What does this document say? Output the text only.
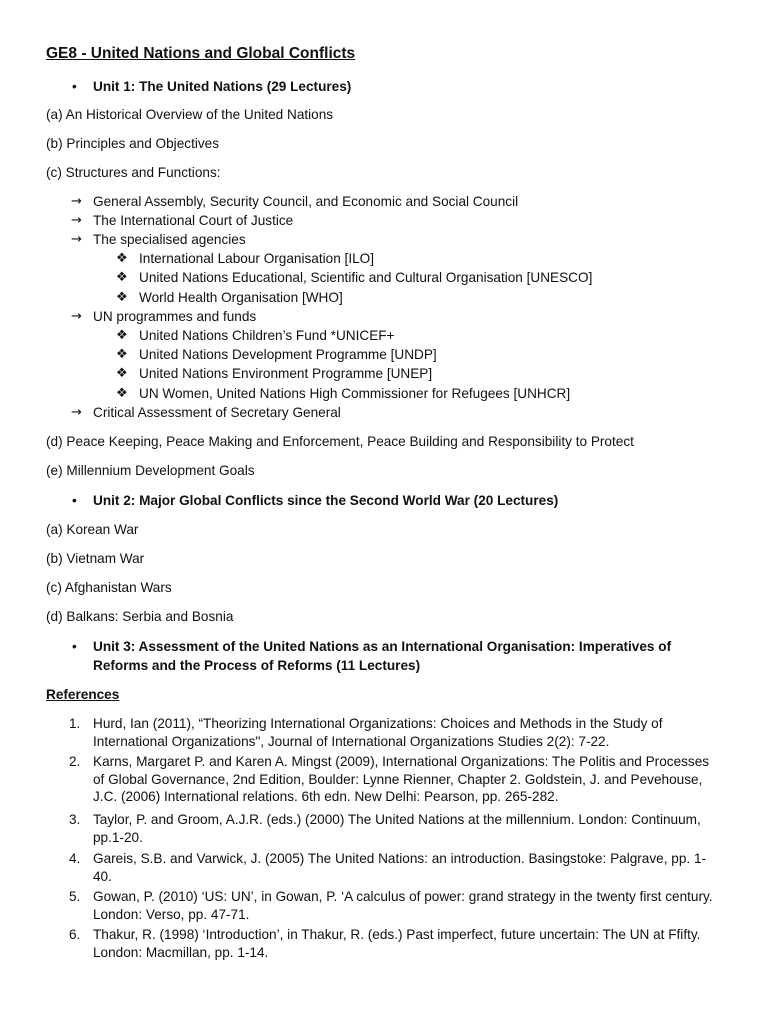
GE8 - United Nations and Global Conflicts
•	Unit 1: The United Nations (29 Lectures)
(a) An Historical Overview of the United Nations
(b) Principles and Objectives
(c) Structures and Functions:
→ General Assembly, Security Council, and Economic and Social Council
→ The International Court of Justice
→ The specialised agencies
❖ International Labour Organisation [ILO]
❖ United Nations Educational, Scientific and Cultural Organisation [UNESCO]
❖ World Health Organisation [WHO]
→ UN programmes and funds
❖ United Nations Children’s Fund *UNICEF+
❖ United Nations Development Programme [UNDP]
❖ United Nations Environment Programme [UNEP]
❖ UN Women, United Nations High Commissioner for Refugees [UNHCR]
→ Critical Assessment of Secretary General
(d) Peace Keeping, Peace Making and Enforcement, Peace Building and Responsibility to Protect
(e) Millennium Development Goals
•	Unit 2: Major Global Conflicts since the Second World War (20 Lectures)
(a) Korean War
(b) Vietnam War
(c) Afghanistan Wars
(d) Balkans: Serbia and Bosnia
•	Unit 3: Assessment of the United Nations as an International Organisation: Imperatives of
Reforms and the Process of Reforms (11 Lectures)
References
1. Hurd, Ian (2011), “Theorizing International Organizations: Choices and Methods in the Study of International Organizations", Journal of International Organizations Studies 2(2): 7-22.
2. Karns, Margaret P. and Karen A. Mingst (2009), International Organizations: The Politis and Processes of Global Governance, 2nd Edition, Boulder: Lynne Rienner, Chapter 2. Goldstein, J. and Pevehouse, J.C. (2006) International relations. 6th edn. New Delhi: Pearson, pp. 265-282.
3. Taylor, P. and Groom, A.J.R. (eds.) (2000) The United Nations at the millennium. London: Continuum, pp.1-20.
4. Gareis, S.B. and Varwick, J. (2005) The United Nations: an introduction. Basingstoke: Palgrave, pp. 1-40.
5. Gowan, P. (2010) ‘US: UN’, in Gowan, P. ‘A calculus of power: grand strategy in the twenty first century. London: Verso, pp. 47-71.
6. Thakur, R. (1998) ‘Introduction’, in Thakur, R. (eds.) Past imperfect, future uncertain: The UN at Ffifty. London: Macmillan, pp. 1-14.
